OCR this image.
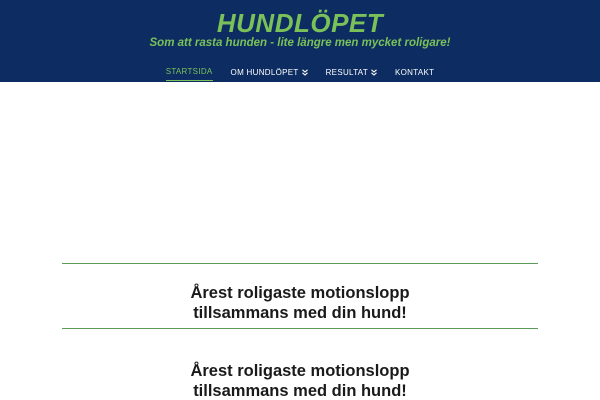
HUNDLÖPET
Som att rasta hunden - lite längre men mycket roligare!
STARTSIDA OM HUNDLÖPET	RESULTAT	KONTAKT
Årest roligaste motionslopp
tillsammans med din hund!
Årest roligaste motionslopp
tillsammans med din hund!
